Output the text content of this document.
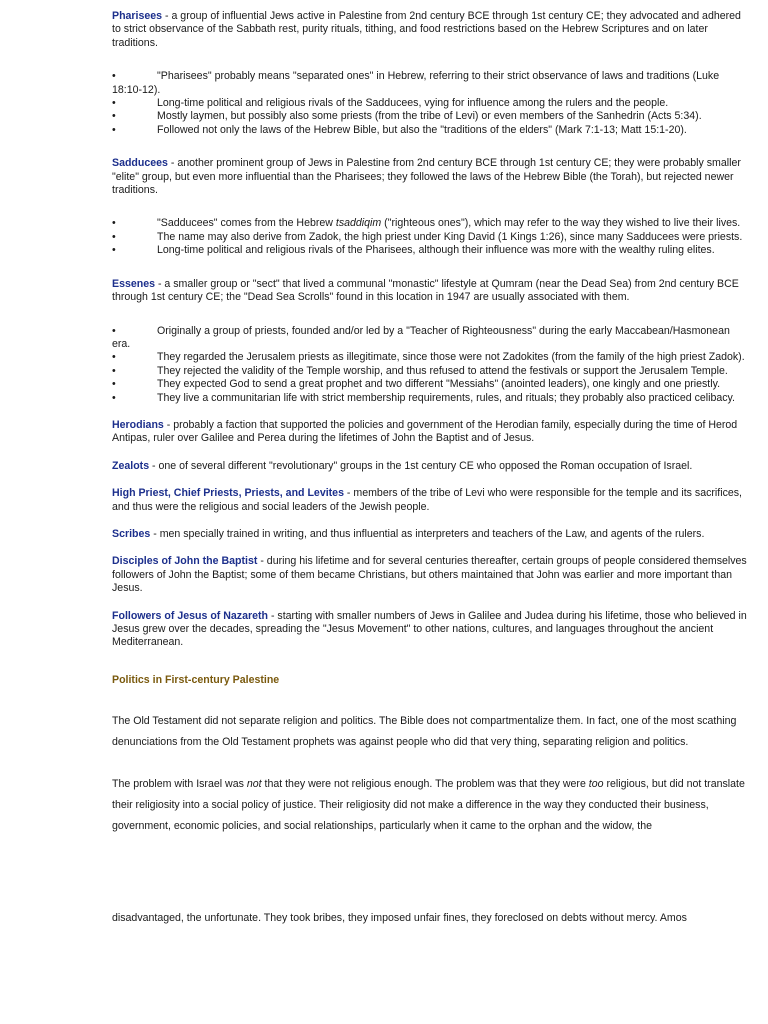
Pharisees - a group of influential Jews active in Palestine from 2nd century BCE through 1st century CE; they advocated and adhered to strict observance of the Sabbath rest, purity rituals, tithing, and food restrictions based on the Hebrew Scriptures and on later traditions.

•	"Pharisees" probably means "separated ones" in Hebrew, referring to their strict observance of laws and traditions (Luke 18:10-12).

•	Long-time political and religious rivals of the Sadducees, vying for influence among the rulers and the people.

•	Mostly laymen, but possibly also some priests (from the tribe of Levi) or even members of the Sanhedrin (Acts 5:34).

•	Followed not only the laws of the Hebrew Bible, but also the "traditions of the elders" (Mark 7:1-13; Matt 15:1-20).

Sadducees - another prominent group of Jews in Palestine from 2nd century BCE through 1st century CE; they were probably smaller "elite" group, but even more influential than the Pharisees; they followed the laws of the Hebrew Bible (the Torah), but rejected newer traditions.

•	"Sadducees" comes from the Hebrew tsaddiqim ("righteous ones"), which may refer to the way they wished to live their lives.

•	The name may also derive from Zadok, the high priest under King David (1 Kings 1:26), since many Sadducees were priests.

•	Long-time political and religious rivals of the Pharisees, although their influence was more with the wealthy ruling elites.

Essenes - a smaller group or "sect" that lived a communal "monastic" lifestyle at Qumram (near the Dead Sea) from 2nd century BCE through 1st century CE; the "Dead Sea Scrolls" found in this location in 1947 are usually associated with them.

•	Originally a group of priests, founded and/or led by a "Teacher of Righteousness" during the early Maccabean/Hasmonean era.

•	They regarded the Jerusalem priests as illegitimate, since those were not Zadokites (from the family of the high priest Zadok).

•	They rejected the validity of the Temple worship, and thus refused to attend the festivals or support the Jerusalem Temple.

•	They expected God to send a great prophet and two different "Messiahs" (anointed leaders), one kingly and one priestly.

•	They live a communitarian life with strict membership requirements, rules, and rituals; they probably also practiced celibacy.

Herodians - probably a faction that supported the policies and government of the Herodian family, especially during the time of Herod Antipas, ruler over Galilee and Perea during the lifetimes of John the Baptist and of Jesus.

Zealots - one of several different "revolutionary" groups in the 1st century CE who opposed the Roman occupation of Israel.

High Priest, Chief Priests, Priests, and Levites - members of the tribe of Levi who were responsible for the temple and its sacrifices, and thus were the religious and social leaders of the Jewish people.

Scribes - men specially trained in writing, and thus influential as interpreters and teachers of the Law, and agents of the rulers.

Disciples of John the Baptist - during his lifetime and for several centuries thereafter, certain groups of people considered themselves followers of John the Baptist; some of them became Christians, but others maintained that John was earlier and more important than Jesus.

Followers of Jesus of Nazareth - starting with smaller numbers of Jews in Galilee and Judea during his lifetime, those who believed in Jesus grew over the decades, spreading the "Jesus Movement" to other nations, cultures, and languages throughout the ancient Mediterranean.

Politics in First-century Palestine

The Old Testament did not separate religion and politics. The Bible does not compartmentalize them. In fact, one of the most scathing denunciations from the Old Testament prophets was against people who did that very thing, separating religion and politics.

The problem with Israel was not that they were not religious enough. The problem was that they were too religious, but did not translate their religiosity into a social policy of justice. Their religiosity did not make a difference in the way they conducted their business, government, economic policies, and social relationships, particularly when it came to the orphan and the widow, the

disadvantaged, the unfortunate. They took bribes, they imposed unfair fines, they foreclosed on debts without mercy. Amos
